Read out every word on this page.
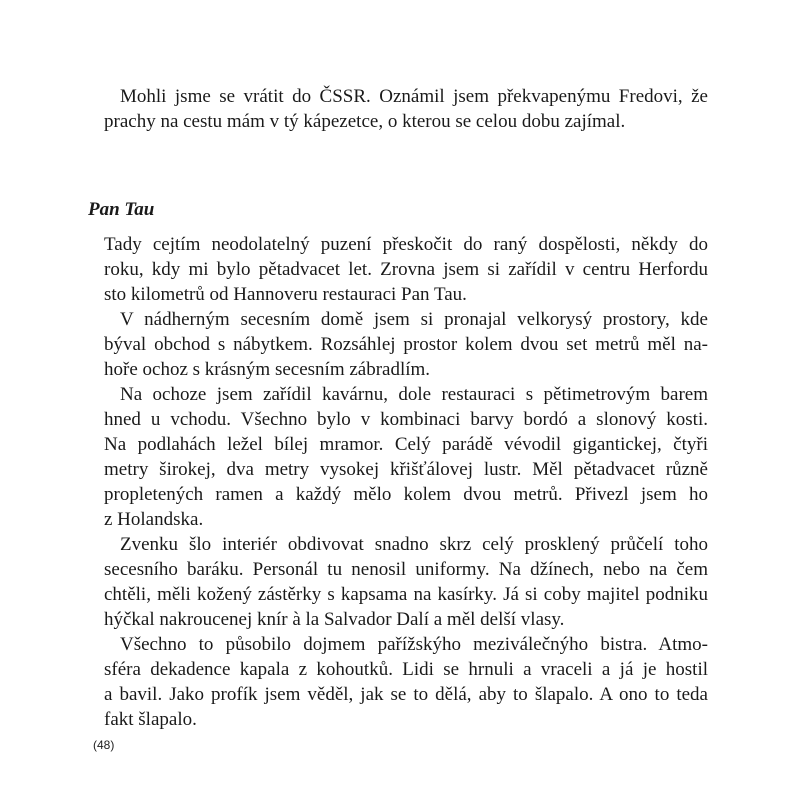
Mohli jsme se vrátit do ČSSR. Oznámil jsem překvapenýmu Fredovi, že
prachy na cestu mám v tý kápezetce, o kterou se celou dobu zajímal.

Pan Tau

Tady cejtím neodolatelný puzení přeskočit do raný dospělosti, někdy do
roku, kdy mi bylo pětadvacet let. Zrovna jsem si zařídil v centru Herfordu
sto kilometrů od Hannoveru restauraci Pan Tau.

V nádherným secesním domě jsem si pronajal velkorysý prostory, kde
býval obchod s nábytkem. Rozsáhlej prostor kolem dvou set metrů měl na-
hoře ochoz s krásným secesním zábradlím.

Na ochoze jsem zařídil kavárnu, dole restauraci s pětimetrovým barem
hned u vchodu. Všechno bylo v kombinaci barvy bordó a slonový kosti.
Na podlahách ležel bílej mramor. Celý parádě vévodil gigantickej, čtyři
metry širokej, dva metry vysokej křišťálovej lustr. Měl pětadvacet různě
propletených ramen a každý mělo kolem dvou metrů. Přivezl jsem ho
z Holandska.

Zvenku šlo interiér obdivovat snadno skrz celý prosklený průčelí toho
secesního baráku. Personál tu nenosil uniformy. Na džínech, nebo na čem
chtěli, měli kožený zástěrky s kapsama na kasírky. Já si coby majitel podniku
hýčkal nakroucenej knír à la Salvador Dalí a měl delší vlasy.

Všechno to působilo dojmem pařížskýho meziválečnýho bistra. Atmo-
sféra dekadence kapala z kohoutků. Lidi se hrnuli a vraceli a já je hostil
a bavil. Jako profík jsem věděl, jak se to dělá, aby to šlapalo. A ono to teda
fakt šlapalo.

(48)
